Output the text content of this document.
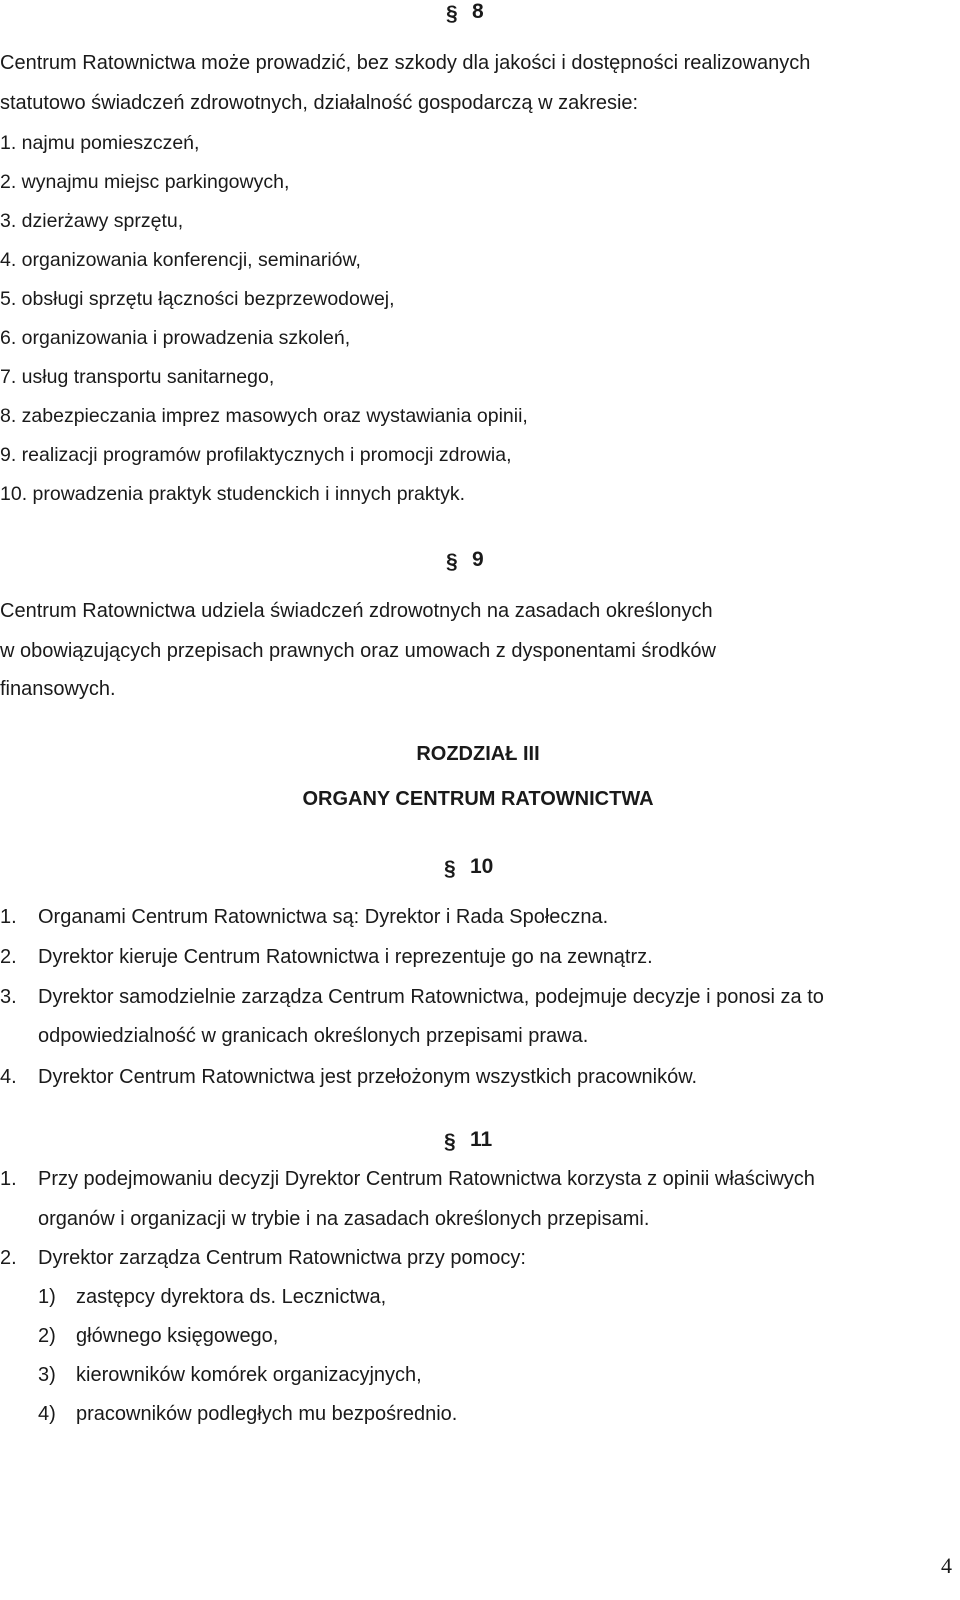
§ 8
Centrum Ratownictwa może prowadzić, bez szkody dla jakości i dostępności realizowanych
statutowo świadczeń zdrowotnych, działalność gospodarczą w zakresie:
1. najmu pomieszczeń,
2. wynajmu miejsc parkingowych,
3. dzierżawy sprzętu,
4. organizowania konferencji, seminariów,
5. obsługi sprzętu łączności bezprzewodowej,
6. organizowania i prowadzenia szkoleń,
7. usług transportu sanitarnego,
8. zabezpieczania imprez masowych oraz wystawiania opinii,
9. realizacji programów profilaktycznych i promocji zdrowia,
10. prowadzenia praktyk studenckich i innych praktyk.
§ 9
Centrum Ratownictwa udziela świadczeń zdrowotnych na zasadach określonych
w obowiązujących przepisach prawnych oraz umowach z dysponentami środków
finansowych.
ROZDZIAŁ III
ORGANY CENTRUM RATOWNICTWA
§ 10
1. Organami Centrum Ratownictwa są: Dyrektor i Rada Społeczna.
2. Dyrektor kieruje Centrum Ratownictwa i reprezentuje go na zewnątrz.
3. Dyrektor samodzielnie zarządza Centrum Ratownictwa, podejmuje decyzje i ponosi za to
odpowiedzialność w granicach określonych przepisami prawa.
4. Dyrektor Centrum Ratownictwa jest przełożonym wszystkich pracowników.
§ 11
1. Przy podejmowaniu decyzji Dyrektor Centrum Ratownictwa korzysta z opinii właściwych
organów i organizacji w trybie i na zasadach określonych przepisami.
2. Dyrektor zarządza Centrum Ratownictwa przy pomocy:
1) zastępcy dyrektora ds. Lecznictwa,
2) głównego księgowego,
3) kierowników komórek organizacyjnych,
4) pracowników podległych mu bezpośrednio.
4
